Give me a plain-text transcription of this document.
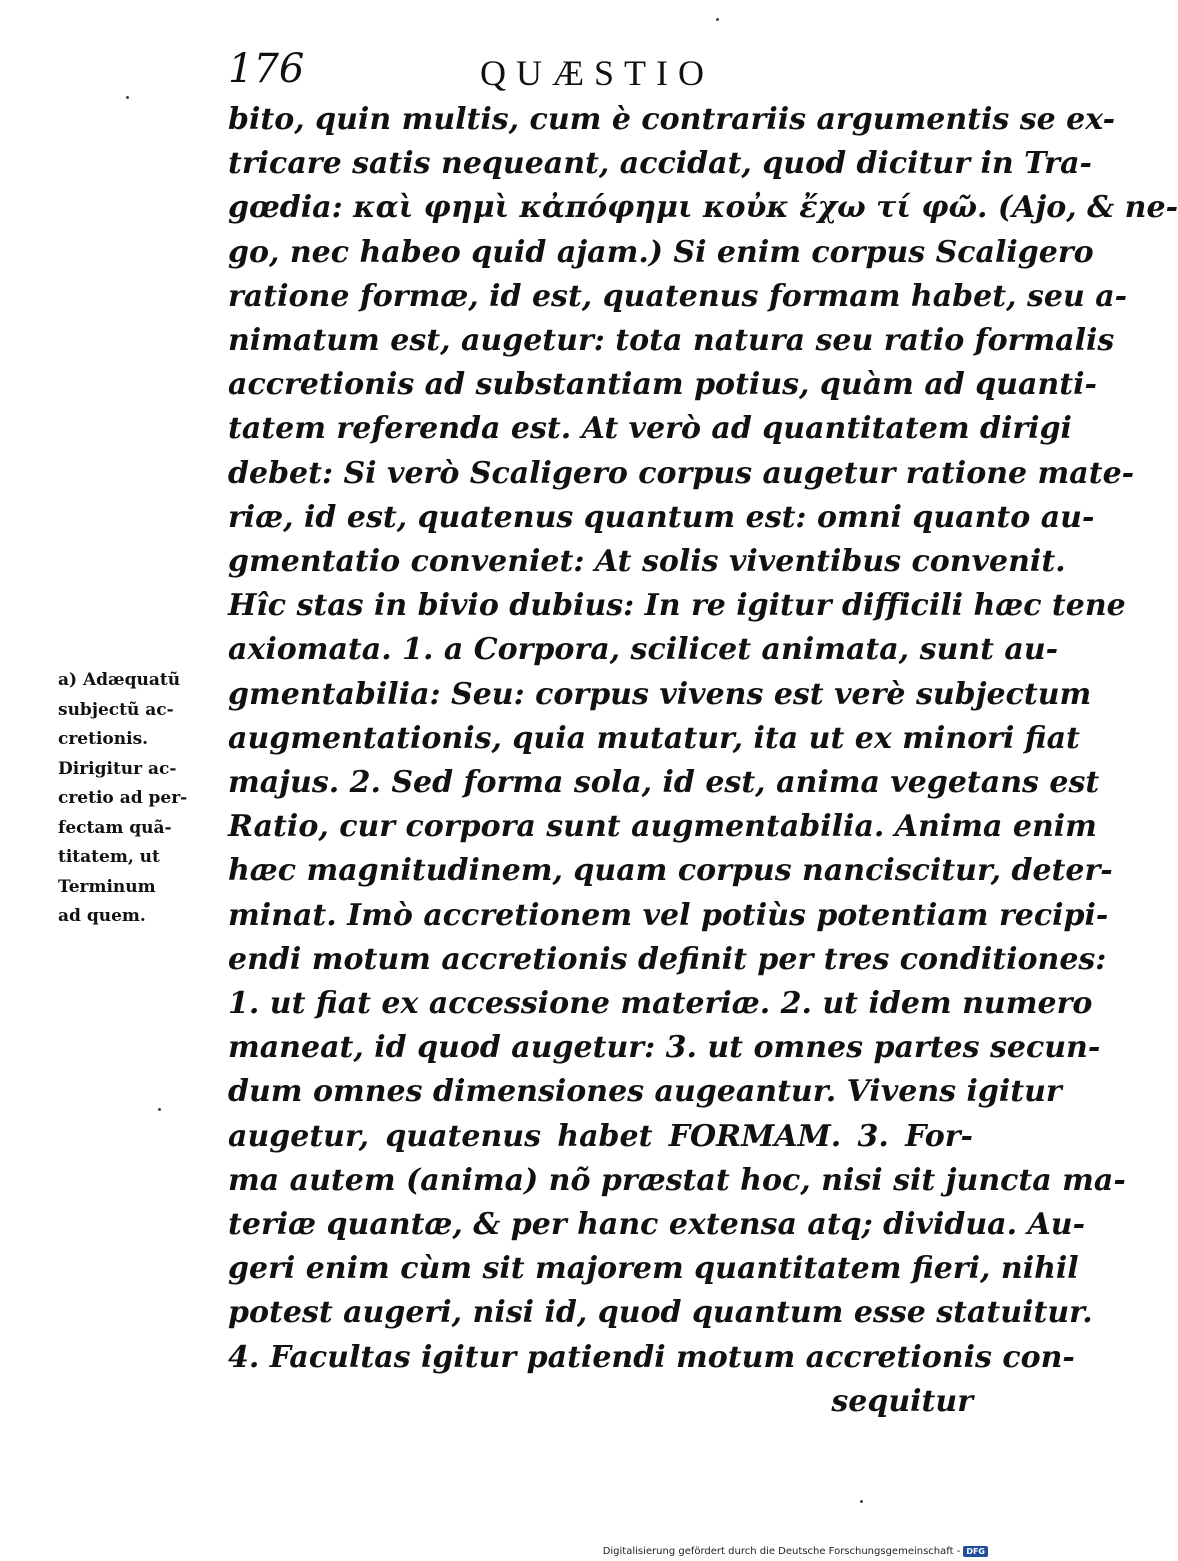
176	QUÆSTIO
bito, quin multis, cum è contrariis argumentis se ex-
tricare satis nequeant, accidat, quod dicitur in Tra-
gœdia: καὶ φημὶ κἀπόφημι κοὐκ ἔχω τί φῶ. (Ajo, & ne-
go, nec habeo quid ajam.) Si enim corpus Scaligero
ratione formæ, id est, quatenus formam habet, seu a-
nimatum est, augetur: tota natura seu ratio formalis
accretionis ad substantiam potius, quàm ad quanti-
tatem referenda est. At verò ad quantitatem dirigi
debet: Si verò Scaligero corpus augetur ratione mate-
riæ, id est, quatenus quantum est: omni quanto au-
gmentatio conveniet: At solis viventibus convenit.
Hîc stas in bivio dubius: In re igitur difficili hæc tene
axiomata. 1. a Corpora, scilicet animata, sunt au-
gmentabilia: Seu: corpus vivens est verè subjectum
augmentationis, quia mutatur, ita ut ex minori fiat
majus. 2. Sed forma sola, id est, anima vegetans est
Ratio, cur corpora sunt augmentabilia. Anima enim
hæc magnitudinem, quam corpus nanciscitur, deter-
minat. Imò accretionem vel potiùs potentiam recipi-
endi motum accretionis definit per tres conditiones:
1. ut fiat ex accessione materiæ. 2. ut idem numero
maneat, id quod augetur: 3. ut omnes partes secun-
dum omnes dimensiones augeantur. Vivens igitur
augetur, quatenus habet FORMAM. 3. For-
ma autem (anima) nõ præstat hoc, nisi sit juncta ma-
teriæ quantæ, & per hanc extensa atq; dividua. Au-
geri enim cùm sit majorem quantitatem fieri, nihil
potest augeri, nisi id, quod quantum esse statuitur.
4. Facultas igitur patiendi motum accretionis con-
sequitur
a) Adæquatũ
subjectũ ac-
cretionis.
Dirigitur ac-
cretio ad per-
fectam quã-
titatem, ut
Terminum
ad quem.
Digitalisierung gefördert durch die Deutsche Forschungsgemeinschaft - DFG
